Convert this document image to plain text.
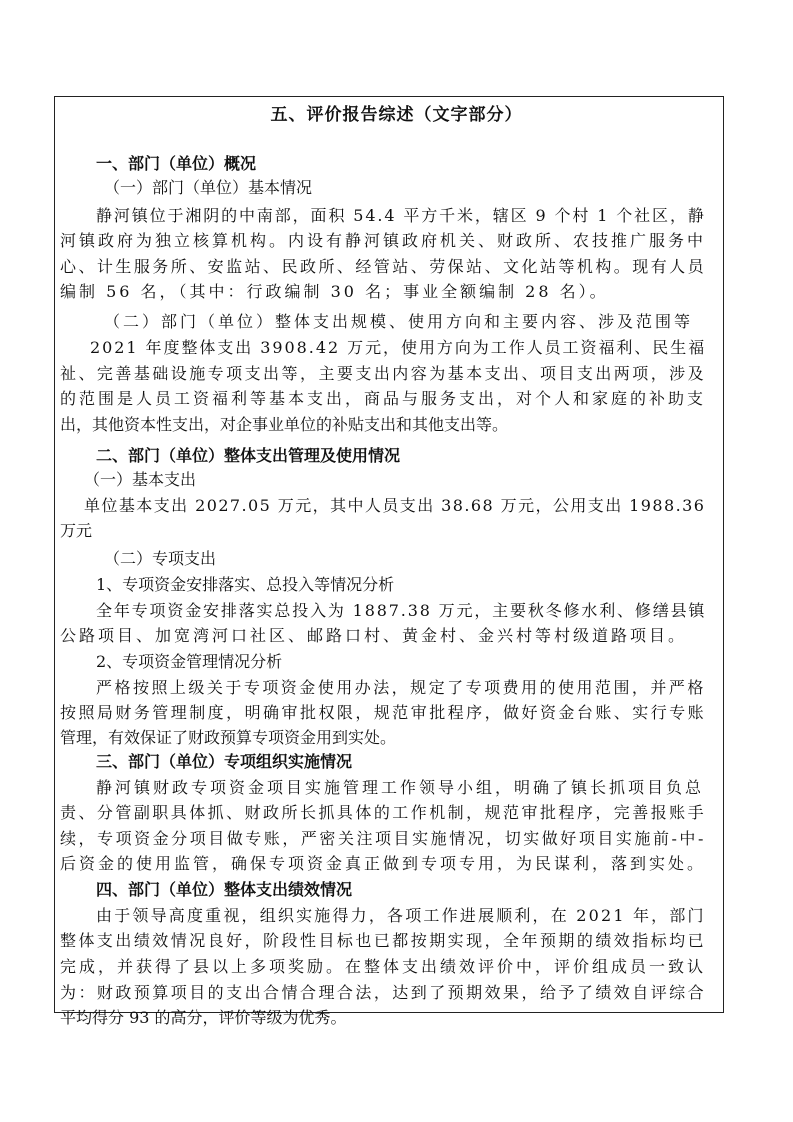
五、评价报告综述（文字部分）
一、部门（单位）概况
（一）部门（单位）基本情况
静河镇位于湘阴的中南部，面积 54.4 平方千米，辖区 9 个村 1 个社区，静
河镇政府为独立核算机构。内设有静河镇政府机关、财政所、农技推广服务中
心、计生服务所、安监站、民政所、经管站、劳保站、文化站等机构。现有人员
编制 56 名，（其中：行政编制 30 名；事业全额编制 28 名）。
（二）部门（单位）整体支出规模、使用方向和主要内容、涉及范围等
2021 年度整体支出 3908.42 万元，使用方向为工作人员工资福利、民生福
祉、完善基础设施专项支出等，主要支出内容为基本支出、项目支出两项，涉及
的范围是人员工资福利等基本支出，商品与服务支出，对个人和家庭的补助支
出，其他资本性支出，对企事业单位的补贴支出和其他支出等。
二、部门（单位）整体支出管理及使用情况
（一）基本支出
单位基本支出 2027.05 万元，其中人员支出 38.68 万元，公用支出 1988.36
万元
（二）专项支出
1、专项资金安排落实、总投入等情况分析
全年专项资金安排落实总投入为 1887.38 万元，主要秋冬修水利、修缮县镇
公路项目、加宽湾河口社区、邮路口村、黄金村、金兴村等村级道路项目。
2、专项资金管理情况分析
严格按照上级关于专项资金使用办法，规定了专项费用的使用范围，并严格
按照局财务管理制度，明确审批权限，规范审批程序，做好资金台账、实行专账
管理，有效保证了财政预算专项资金用到实处。
三、部门（单位）专项组织实施情况
静河镇财政专项资金项目实施管理工作领导小组，明确了镇长抓项目负总
责、分管副职具体抓、财政所长抓具体的工作机制，规范审批程序，完善报账手
续，专项资金分项目做专账，严密关注项目实施情况，切实做好项目实施前-中-
后资金的使用监管，确保专项资金真正做到专项专用，为民谋利，落到实处。
四、部门（单位）整体支出绩效情况
由于领导高度重视，组织实施得力，各项工作进展顺利，在 2021 年，部门
整体支出绩效情况良好，阶段性目标也已都按期实现，全年预期的绩效指标均已
完成，并获得了县以上多项奖励。在整体支出绩效评价中，评价组成员一致认
为：财政预算项目的支出合情合理合法，达到了预期效果，给予了绩效自评综合
平均得分 93 的高分，评价等级为优秀。
